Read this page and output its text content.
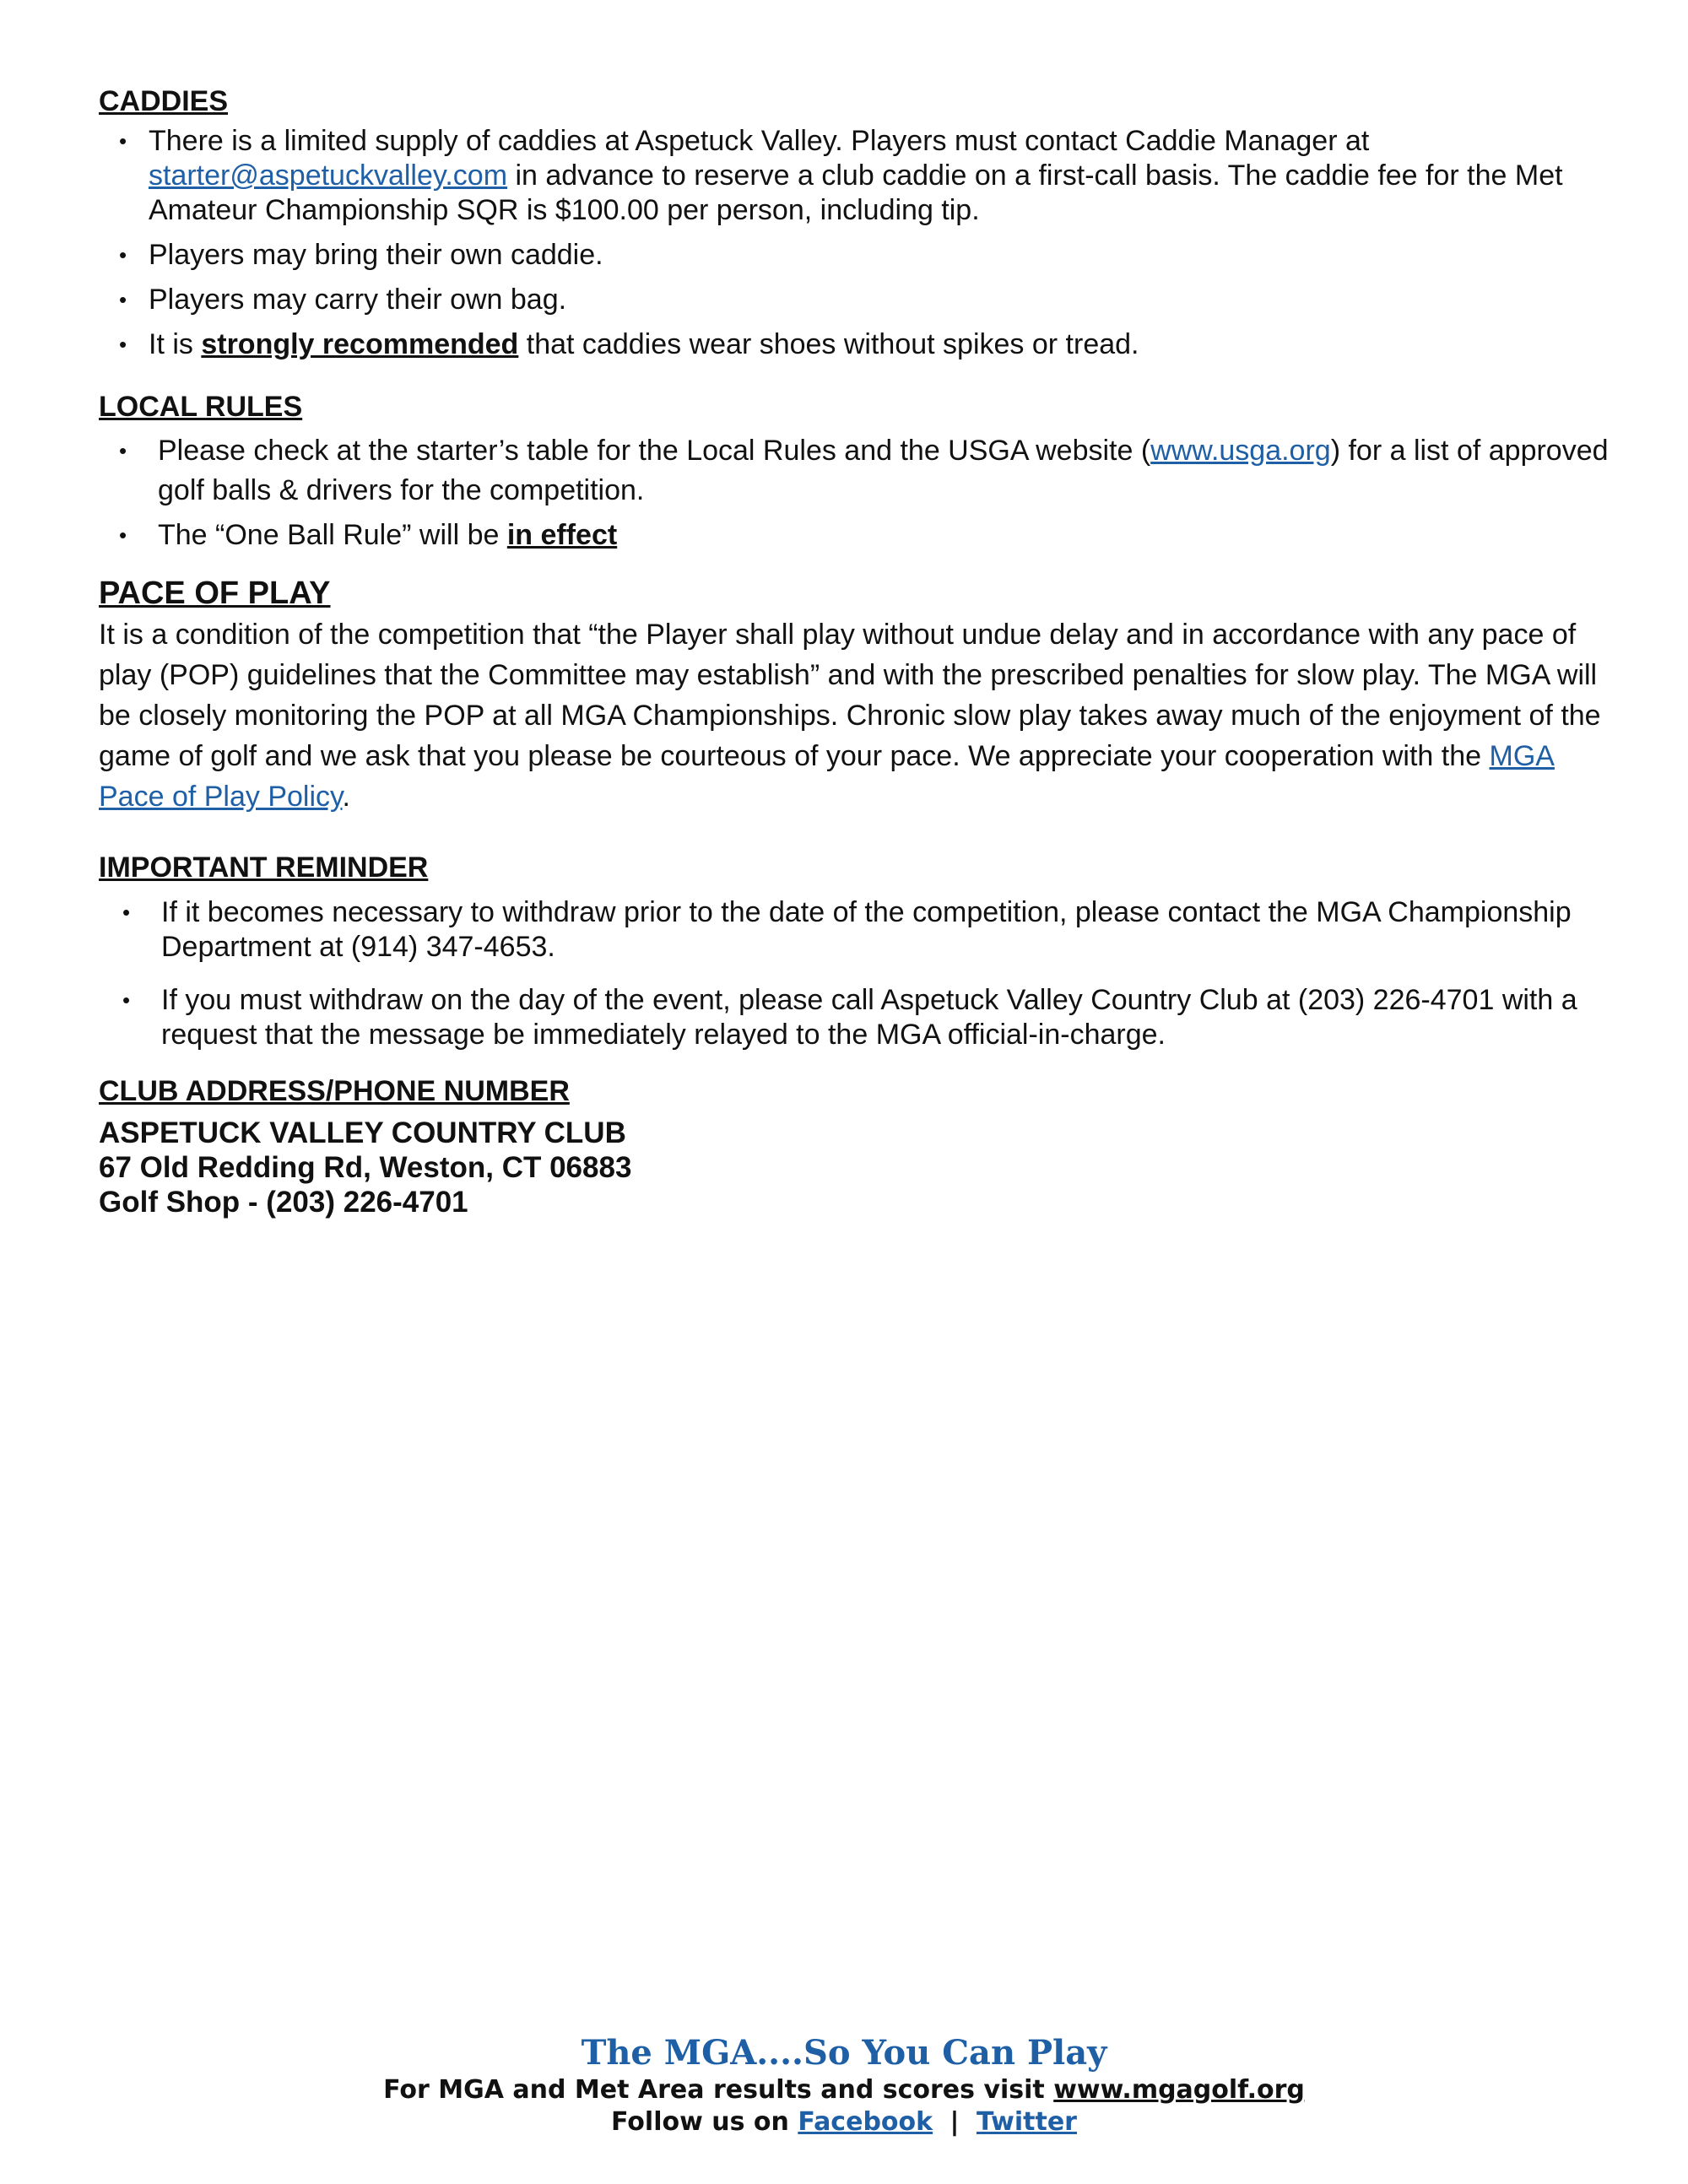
CADDIES
• There is a limited supply of caddies at Aspetuck Valley. Players must contact Caddie Manager at starter@aspetuckvalley.com in advance to reserve a club caddie on a first-call basis. The caddie fee for the Met Amateur Championship SQR is $100.00 per person, including tip.
• Players may bring their own caddie.
• Players may carry their own bag.
• It is strongly recommended that caddies wear shoes without spikes or tread.
LOCAL RULES
• Please check at the starter’s table for the Local Rules and the USGA website (www.usga.org) for a list of approved golf balls & drivers for the competition.
• The “One Ball Rule” will be in effect
PACE OF PLAY

It is a condition of the competition that “the Player shall play without undue delay and in accordance with any pace of play (POP) guidelines that the Committee may establish” and with the prescribed penalties for slow play. The MGA will be closely monitoring the POP at all MGA Championships. Chronic slow play takes away much of the enjoyment of the game of golf and we ask that you please be courteous of your pace. We appreciate your cooperation with the MGA Pace of Play Policy.

IMPORTANT REMINDER
• If it becomes necessary to withdraw prior to the date of the competition, please contact the MGA Championship Department at (914) 347-4653.
• If you must withdraw on the day of the event, please call Aspetuck Valley Country Club at (203) 226-4701 with a request that the message be immediately relayed to the MGA official-in-charge.
CLUB ADDRESS/PHONE NUMBER
ASPETUCK VALLEY COUNTRY CLUB
67 Old Redding Rd, Weston, CT 06883
Golf Shop - (203) 226-4701
The MGA....So You Can Play
For MGA and Met Area results and scores visit www.mgagolf.org
Follow us on Facebook | Twitter
